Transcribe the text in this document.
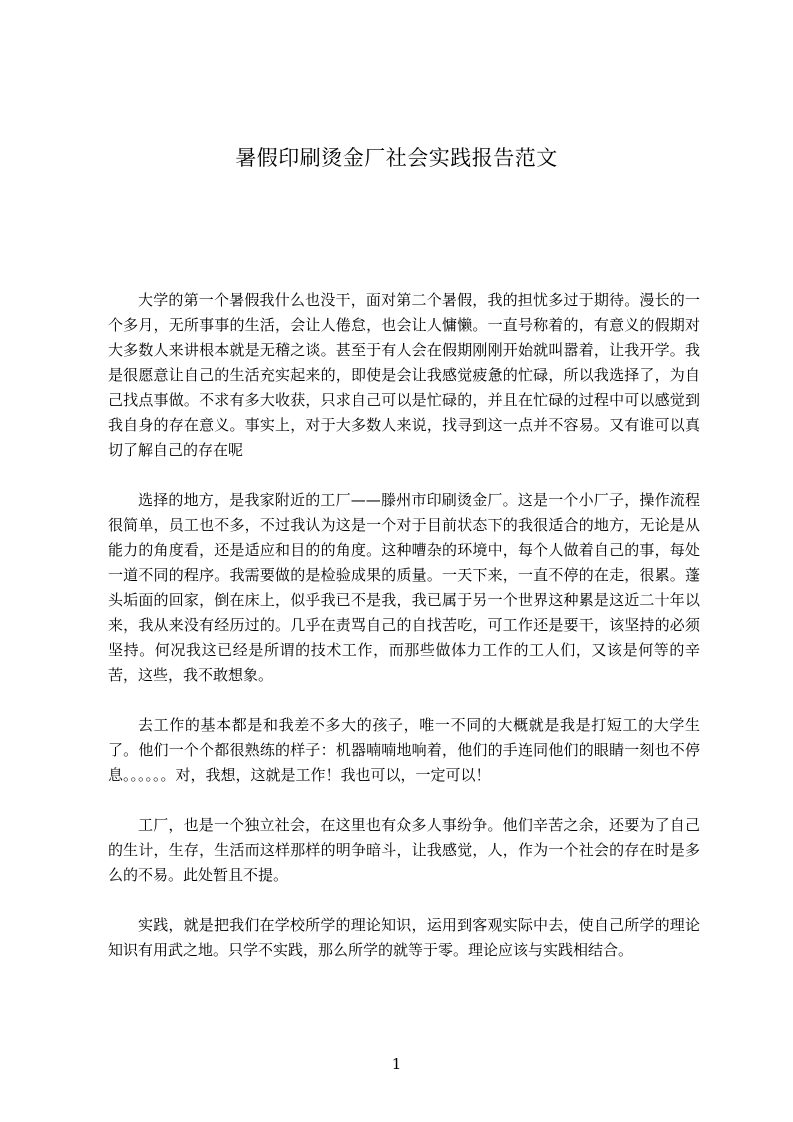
暑假印刷烫金厂社会实践报告范文

大学的第一个暑假我什么也没干，面对第二个暑假，我的担忧多过于期待。漫长的一个多月，无所事事的生活，会让人倦怠，也会让人慵懒。一直号称着的，有意义的假期对大多数人来讲根本就是无稽之谈。甚至于有人会在假期刚刚开始就叫嚣着，让我开学。我是很愿意让自己的生活充实起来的，即使是会让我感觉疲惫的忙碌，所以我选择了，为自己找点事做。不求有多大收获，只求自己可以是忙碌的，并且在忙碌的过程中可以感觉到我自身的存在意义。事实上，对于大多数人来说，找寻到这一点并不容易。又有谁可以真切了解自己的存在呢

选择的地方，是我家附近的工厂——滕州市印刷烫金厂。这是一个小厂子，操作流程很简单，员工也不多，不过我认为这是一个对于目前状态下的我很适合的地方，无论是从能力的角度看，还是适应和目的的角度。这种嘈杂的环境中，每个人做着自己的事，每处一道不同的程序。我需要做的是检验成果的质量。一天下来，一直不停的在走，很累。蓬头垢面的回家，倒在床上，似乎我已不是我，我已属于另一个世界这种累是这近二十年以来，我从来没有经历过的。几乎在责骂自己的自找苦吃，可工作还是要干，该坚持的必须坚持。何况我这已经是所谓的技术工作，而那些做体力工作的工人们，又该是何等的辛苦，这些，我不敢想象。

去工作的基本都是和我差不多大的孩子，唯一不同的大概就是我是打短工的大学生了。他们一个个都很熟练的样子：机器喃喃地响着，他们的手连同他们的眼睛一刻也不停息。。。。。。对，我想，这就是工作！我也可以，一定可以！

工厂，也是一个独立社会，在这里也有众多人事纷争。他们辛苦之余，还要为了自己的生计，生存，生活而这样那样的明争暗斗，让我感觉，人，作为一个社会的存在时是多么的不易。此处暂且不提。

实践，就是把我们在学校所学的理论知识，运用到客观实际中去，使自己所学的理论知识有用武之地。只学不实践，那么所学的就等于零。理论应该与实践相结合。

1
